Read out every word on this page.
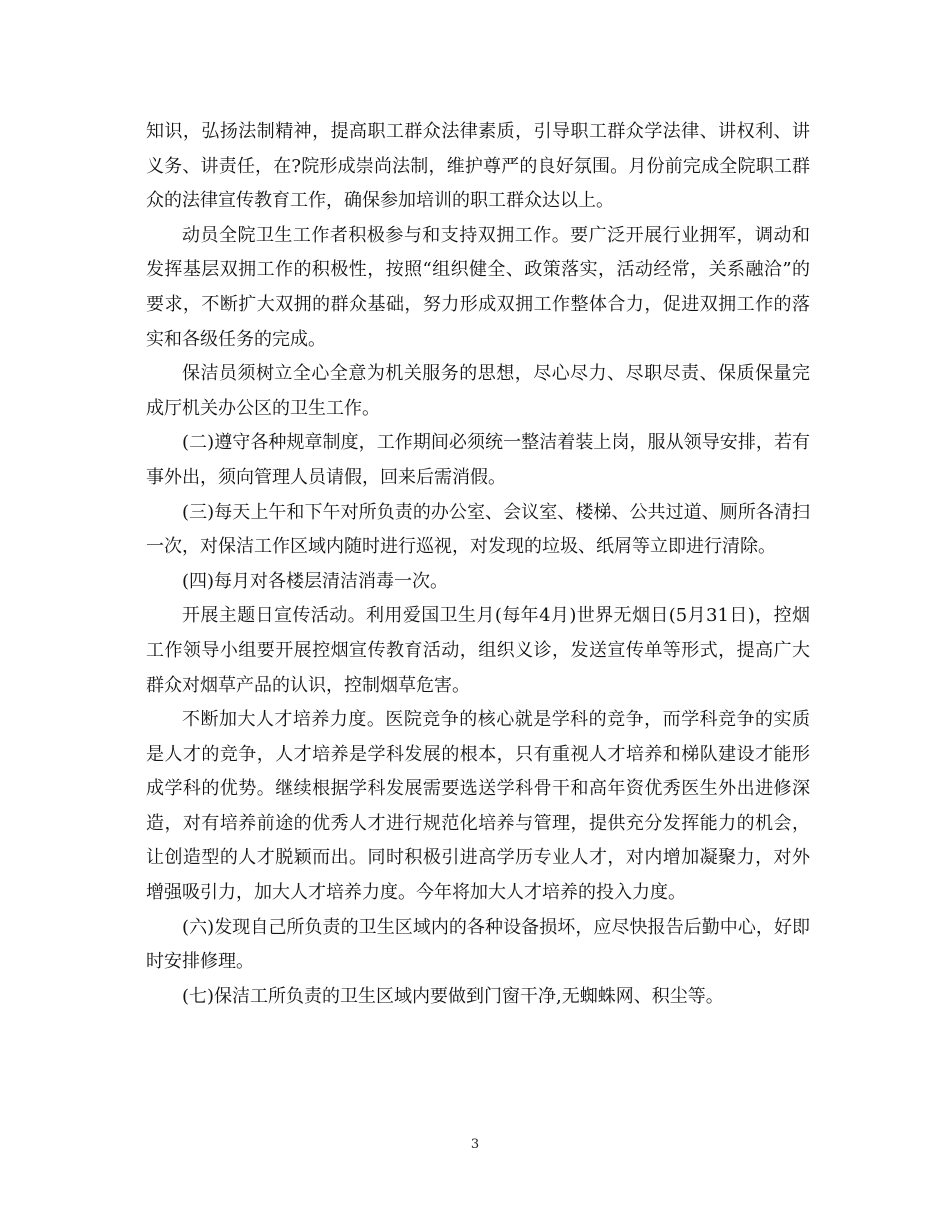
知识，弘扬法制精神，提高职工群众法律素质，引导职工群众学法律、讲权利、讲义务、讲责任，在?院形成崇尚法制，维护尊严的良好氛围。月份前完成全院职工群众的法律宣传教育工作，确保参加培训的职工群众达以上。

动员全院卫生工作者积极参与和支持双拥工作。要广泛开展行业拥军，调动和发挥基层双拥工作的积极性，按照“组织健全、政策落实，活动经常，关系融洽”的要求，不断扩大双拥的群众基础，努力形成双拥工作整体合力，促进双拥工作的落实和各级任务的完成。

保洁员须树立全心全意为机关服务的思想，尽心尽力、尽职尽责、保质保量完成厅机关办公区的卫生工作。

(二)遵守各种规章制度，工作期间必须统一整洁着装上岗，服从领导安排，若有事外出，须向管理人员请假，回来后需消假。

(三)每天上午和下午对所负责的办公室、会议室、楼梯、公共过道、厕所各清扫一次，对保洁工作区域内随时进行巡视，对发现的垃圾、纸屑等立即进行清除。

(四)每月对各楼层清洁消毒一次。

开展主题日宣传活动。利用爱国卫生月(每年4月)世界无烟日(5月31日)，控烟工作领导小组要开展控烟宣传教育活动，组织义诊，发送宣传单等形式，提高广大群众对烟草产品的认识，控制烟草危害。

不断加大人才培养力度。医院竞争的核心就是学科的竞争，而学科竞争的实质是人才的竞争，人才培养是学科发展的根本，只有重视人才培养和梯队建设才能形成学科的优势。继续根据学科发展需要选送学科骨干和高年资优秀医生外出进修深造，对有培养前途的优秀人才进行规范化培养与管理，提供充分发挥能力的机会，让创造型的人才脱颖而出。同时积极引进高学历专业人才，对内增加凝聚力，对外增强吸引力，加大人才培养力度。今年将加大人才培养的投入力度。

(六)发现自己所负责的卫生区域内的各种设备损坏，应尽快报告后勤中心，好即时安排修理。

(七)保洁工所负责的卫生区域内要做到门窗干净,无蜘蛛网、积尘等。

3
